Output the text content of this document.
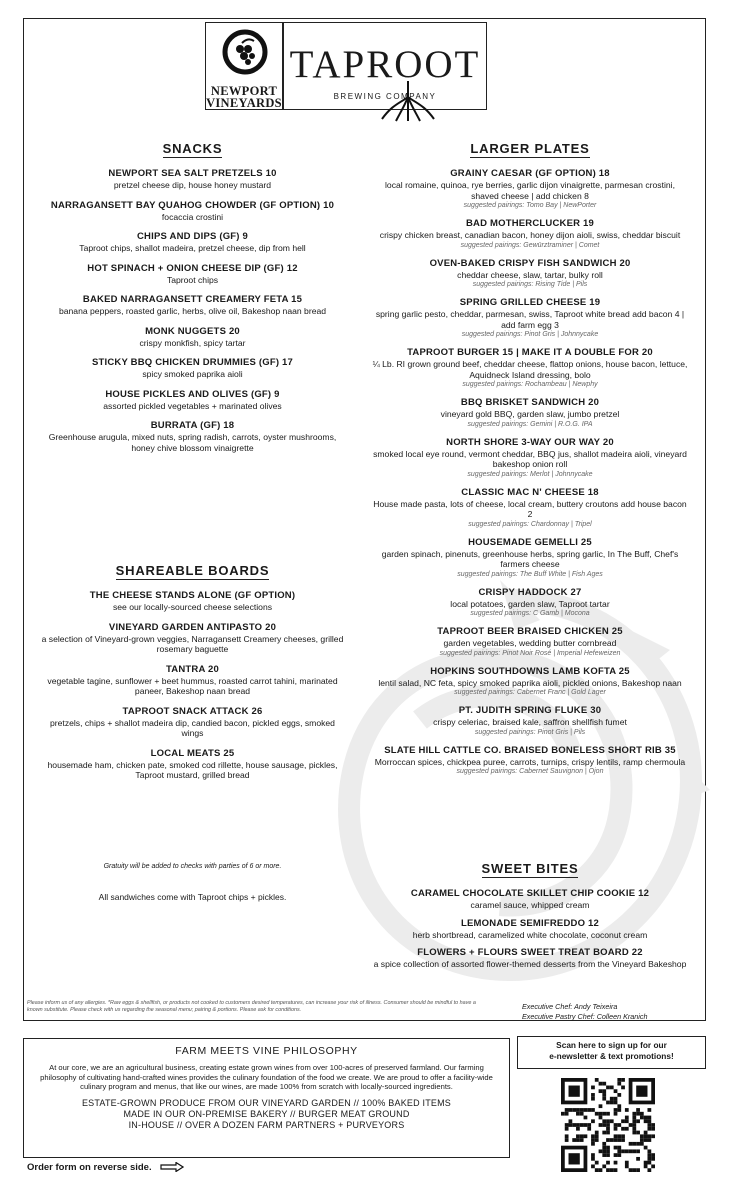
NEWPORT
VINEYARDS
TAPROOT
BREWING COMPANY
SNACKS
NEWPORT SEA SALT PRETZELS 10
pretzel cheese dip, house honey mustard
NARRAGANSETT BAY QUAHOG CHOWDER (GF OPTION) 10
focaccia crostini
CHIPS AND DIPS (GF) 9
Taproot chips, shallot madeira, pretzel cheese, dip from hell
HOT SPINACH + ONION CHEESE DIP (GF) 12
Taproot chips
BAKED NARRAGANSETT CREAMERY FETA 15
banana peppers, roasted garlic, herbs, olive oil, Bakeshop naan bread
MONK NUGGETS 20
crispy monkfish, spicy tartar
STICKY BBQ CHICKEN DRUMMIES (GF) 17
spicy smoked paprika aioli
HOUSE PICKLES AND OLIVES (GF) 9
assorted pickled vegetables + marinated olives
BURRATA (GF) 18
Greenhouse arugula, mixed nuts, spring radish, carrots, oyster mushrooms, honey chive blossom vinaigrette
SHAREABLE BOARDS
THE CHEESE STANDS ALONE (GF OPTION)
see our locally-sourced cheese selections
VINEYARD GARDEN ANTIPASTO 20
a selection of Vineyard-grown veggies, Narragansett Creamery cheeses, grilled rosemary baguette
TANTRA 20
vegetable tagine, sunflower + beet hummus, roasted carrot tahini, marinated paneer, Bakeshop naan bread
TAPROOT SNACK ATTACK 26
pretzels, chips + shallot madeira dip, candied bacon, pickled eggs, smoked wings
LOCAL MEATS 25
housemade ham, chicken pate, smoked cod rillette, house sausage, pickles, Taproot mustard, grilled bread
Gratuity will be added to checks with parties of 6 or more.
All sandwiches come with Taproot chips + pickles.
LARGER PLATES
GRAINY CAESAR (GF OPTION) 18
local romaine, quinoa, rye berries, garlic dijon vinaigrette, parmesan crostini, shaved cheese | add chicken 8
suggested pairings: Tomo Bay | NewPorter
BAD MOTHERCLUCKER 19
crispy chicken breast, canadian bacon, honey dijon aioli, swiss, cheddar biscuit
suggested pairings: Gewürztraminer | Comet
OVEN-BAKED CRISPY FISH SANDWICH 20
cheddar cheese, slaw, tartar, bulky roll
suggested pairings: Rising Tide | Pils
SPRING GRILLED CHEESE 19
spring garlic pesto, cheddar, parmesan, swiss, Taproot white bread add bacon 4 | add farm egg 3
suggested pairings: Pinot Gris | Johnnycake
TAPROOT BURGER 15 | MAKE IT A DOUBLE FOR 20
¼ Lb. RI grown ground beef, cheddar cheese, flattop onions, house bacon, lettuce, Aquidneck Island dressing, bolo
suggested pairings: Rochambeau | Newphy
BBQ BRISKET SANDWICH 20
vineyard gold BBQ, garden slaw, jumbo pretzel
suggested pairings: Gemini | R.O.G. IPA
NORTH SHORE 3-WAY OUR WAY 20
smoked local eye round, vermont cheddar, BBQ jus, shallot madeira aioli, vineyard bakeshop onion roll
suggested pairings: Merlot | Johnnycake
CLASSIC MAC N' CHEESE 18
House made pasta, lots of cheese, local cream, buttery croutons add house bacon 2
suggested pairings: Chardonnay | Tripel
HOUSEMADE GEMELLI 25
garden spinach, pinenuts, greenhouse herbs, spring garlic, In The Buff, Chef's farmers cheese
suggested pairings: The Buff White | Fish Ages
CRISPY HADDOCK 27
local potatoes, garden slaw, Taproot tartar
suggested pairings: C Gamb | Mocona
TAPROOT BEER BRAISED CHICKEN 25
garden vegetables, wedding butter cornbread
suggested pairings: Pinot Noir Rosé | Imperial Hefeweizen
HOPKINS SOUTHDOWNS LAMB KOFTA 25
lentil salad, NC feta, spicy smoked paprika aioli, pickled onions, Bakeshop naan
suggested pairings: Cabernet Franc | Gold Lager
PT. JUDITH SPRING FLUKE 30
crispy celeriac, braised kale, saffron shellfish fumet
suggested pairings: Pinot Gris | Pils
SLATE HILL CATTLE CO. BRAISED BONELESS SHORT RIB 35
Morroccan spices, chickpea puree, carrots, turnips, crispy lentils, ramp chermoula
suggested pairings: Cabernet Sauvignon | Ojon
SWEET BITES
CARAMEL CHOCOLATE SKILLET CHIP COOKIE 12
caramel sauce, whipped cream
LEMONADE SEMIFREDDO 12
herb shortbread, caramelized white chocolate, coconut cream
FLOWERS + FLOURS SWEET TREAT BOARD 22
a spice collection of assorted flower-themed desserts from the Vineyard Bakeshop
Please inform us of any allergies. *Raw eggs & shellfish, or products not cooked to customers desired temperatures, can increase your risk of illness. Consumer should be mindful to have a known substitute. Please check with us regarding the seasonal menu; pairing & portions. Please ask for conditions.	Executive Chef: Andy Teixeira
Executive Pastry Chef: Colleen Kranich
FARM MEETS VINE PHILOSOPHY
At our core, we are an agricultural business, creating estate grown wines from over 100-acres of preserved farmland. Our farming philosophy of cultivating hand-crafted wines provides the culinary foundation of the food we create. We are proud to offer a facility-wide culinary program and menus, that like our wines, are made 100% from scratch with locally-sourced ingredients.
ESTATE-GROWN PRODUCE FROM OUR VINEYARD GARDEN // 100% BAKED ITEMS
MADE IN OUR ON-PREMISE BAKERY // BURGER MEAT GROUND
IN-HOUSE // OVER A DOZEN FARM PARTNERS + PURVEYORS
Scan here to sign up for our
e-newsletter & text promotions!
Order form on reverse side.
